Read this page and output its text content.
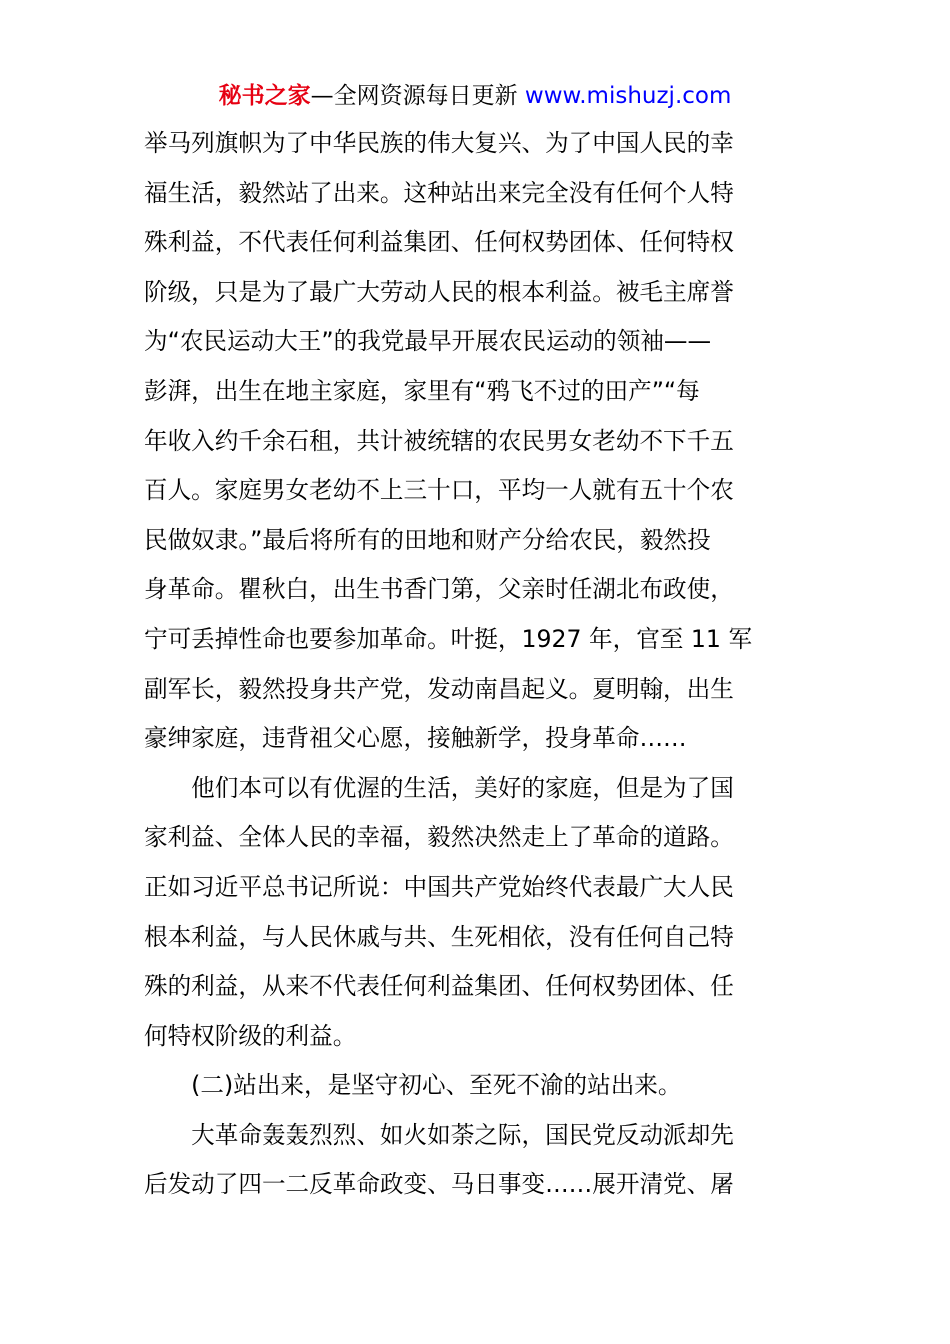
秘书之家—全网资源每日更新 www.mishuzj.com
举马列旗帜为了中华民族的伟大复兴、为了中国人民的幸
福生活，毅然站了出来。这种站出来完全没有任何个人特
殊利益，不代表任何利益集团、任何权势团体、任何特权
阶级，只是为了最广大劳动人民的根本利益。被毛主席誉
为“农民运动大王”的我党最早开展农民运动的领袖——
彭湃，出生在地主家庭，家里有“鸦飞不过的田产”“每
年收入约千余石租，共计被统辖的农民男女老幼不下千五
百人。家庭男女老幼不上三十口，平均一人就有五十个农
民做奴隶。”最后将所有的田地和财产分给农民，毅然投
身革命。瞿秋白，出生书香门第，父亲时任湖北布政使，
宁可丢掉性命也要参加革命。叶挺，1927 年，官至 11 军
副军长，毅然投身共产党，发动南昌起义。夏明翰，出生
豪绅家庭，违背祖父心愿，接触新学，投身革命……
　　他们本可以有优渥的生活，美好的家庭，但是为了国
家利益、全体人民的幸福，毅然决然走上了革命的道路。
正如习近平总书记所说：中国共产党始终代表最广大人民
根本利益，与人民休戚与共、生死相依，没有任何自己特
殊的利益，从来不代表任何利益集团、任何权势团体、任
何特权阶级的利益。
　　(二)站出来，是坚守初心、至死不渝的站出来。
　　大革命轰轰烈烈、如火如荼之际，国民党反动派却先
后发动了四一二反革命政变、马日事变……展开清党、屠
